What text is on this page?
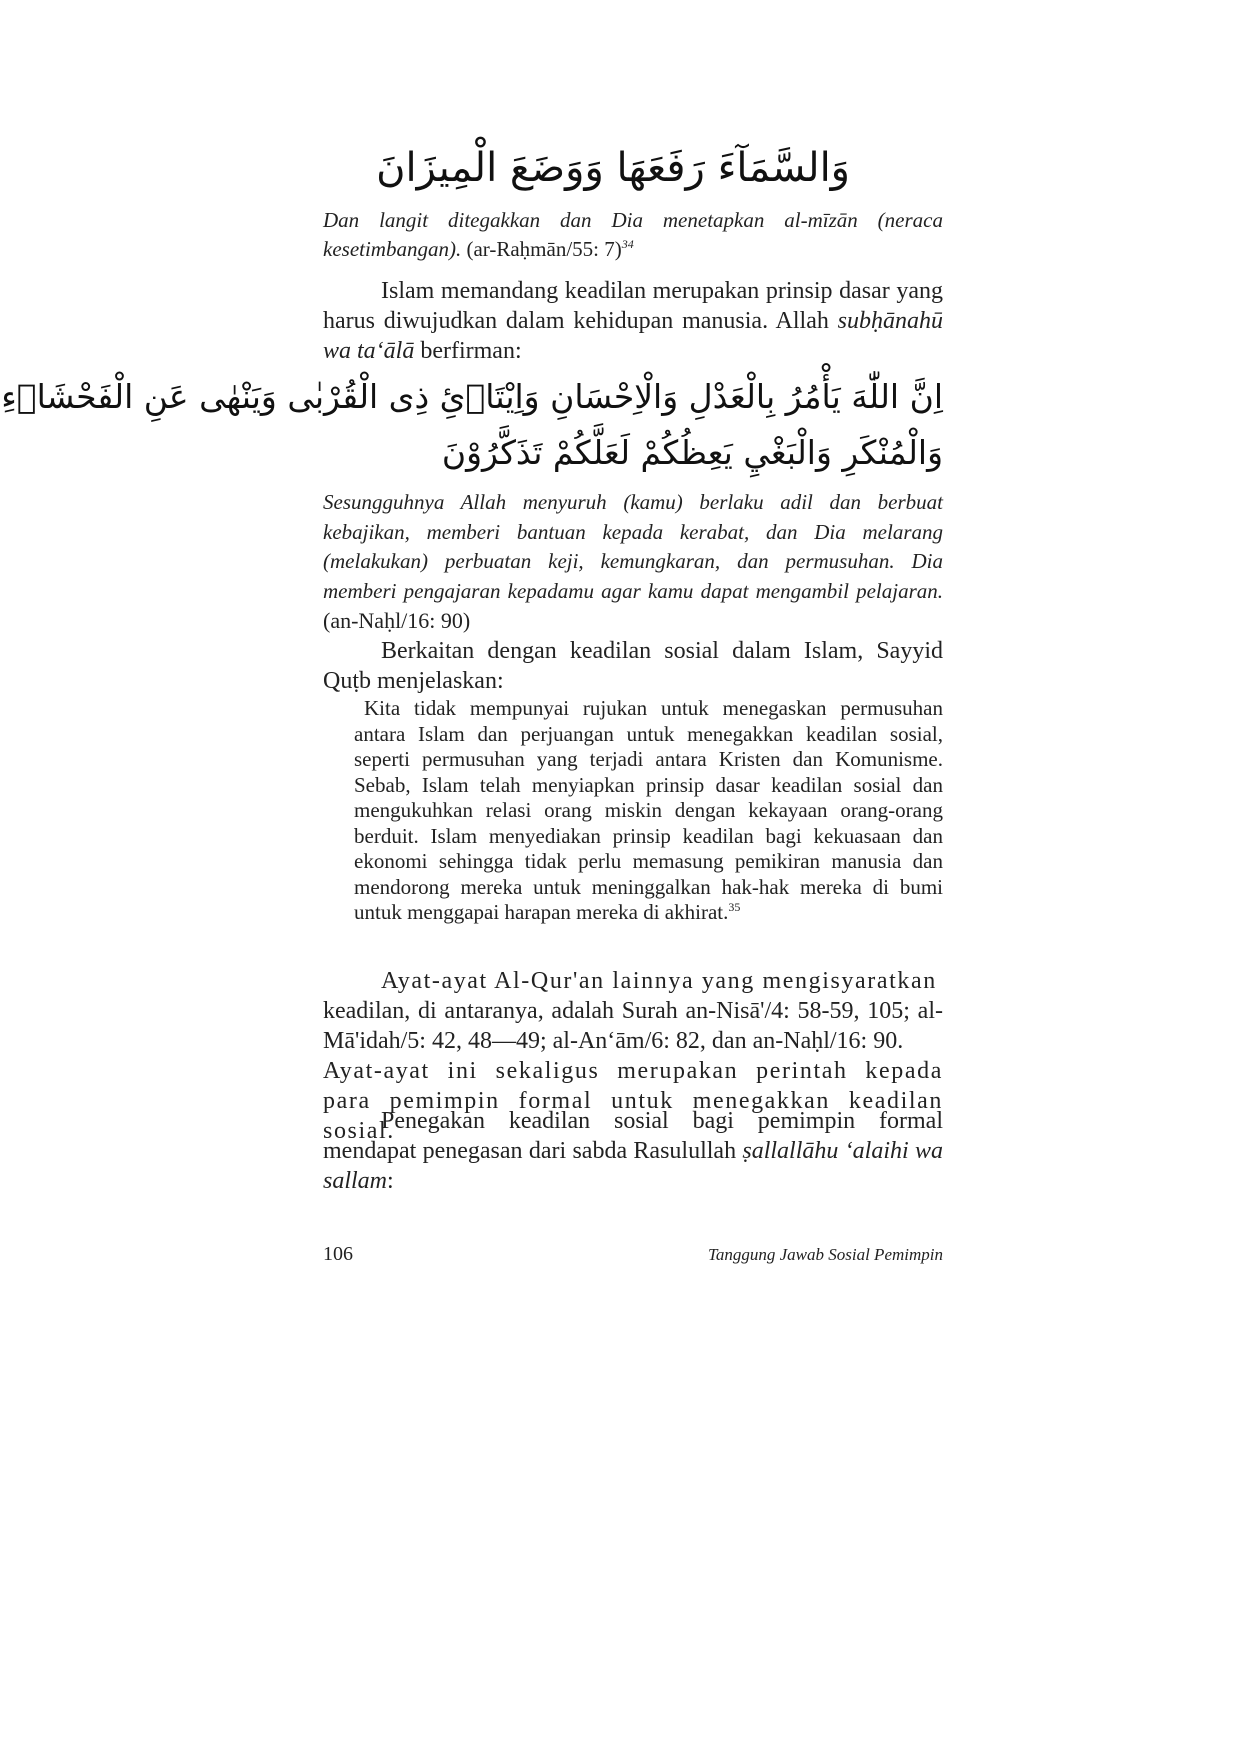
وَالسَّمَآءَ رَفَعَهَا وَوَضَعَ الْمِيزَانَ

Dan langit ditegakkan dan Dia menetapkan al-mīzān (neraca kesetimbangan). (ar-Raḥmān/55: 7)$^{34}$

Islam memandang keadilan merupakan prinsip dasar yang harus diwujudkan dalam kehidupan manusia. Allah subḥānahū wa ta‘ālā berfirman:

اِنَّ اللّٰهَ يَأْمُرُ بِالْعَدْلِ وَالْاِحْسَانِ وَاِيْتَاۤئِ ذِى الْقُرْبٰى وَيَنْهٰى عَنِ الْفَحْشَاۤءِ
وَالْمُنْكَرِ وَالْبَغْيِ يَعِظُكُمْ لَعَلَّكُمْ تَذَكَّرُوْنَ

Sesungguhnya Allah menyuruh (kamu) berlaku adil dan berbuat kebajikan, memberi bantuan kepada kerabat, dan Dia melarang (melakukan) perbuatan keji, kemungkaran, dan permusuhan. Dia memberi pengajaran kepadamu agar kamu dapat mengambil pelajaran. (an-Naḥl/16: 90)

Berkaitan dengan keadilan sosial dalam Islam, Sayyid Quṭb menjelaskan:

Kita tidak mempunyai rujukan untuk menegaskan permusuhan antara Islam dan perjuangan untuk menegakkan keadilan sosial, seperti permusuhan yang terjadi antara Kristen dan Komunisme. Sebab, Islam telah menyiapkan prinsip dasar keadilan sosial dan mengukuhkan relasi orang miskin dengan kekayaan orang-orang berduit. Islam menyediakan prinsip keadilan bagi kekuasaan dan ekonomi sehingga tidak perlu memasung pemikiran manusia dan mendorong mereka untuk meninggalkan hak-hak mereka di bumi untuk menggapai harapan mereka di akhirat.$^{35}$

Ayat-ayat Al-Qur'an lainnya yang mengisyaratkan

keadilan, di antaranya, adalah Surah an-Nisā'/4: 58-59, 105; al-Mā'idah/5: 42, 48—49; al-An‘ām/6: 82, dan an-Naḥl/16: 90.

Ayat-ayat ini sekaligus merupakan perintah kepada para pemimpin formal untuk menegakkan keadilan sosial.

Penegakan keadilan sosial bagi pemimpin formal mendapat penegasan dari sabda Rasulullah ṣallallāhu ‘alaihi wa sallam:

106	Tanggung Jawab Sosial Pemimpin
